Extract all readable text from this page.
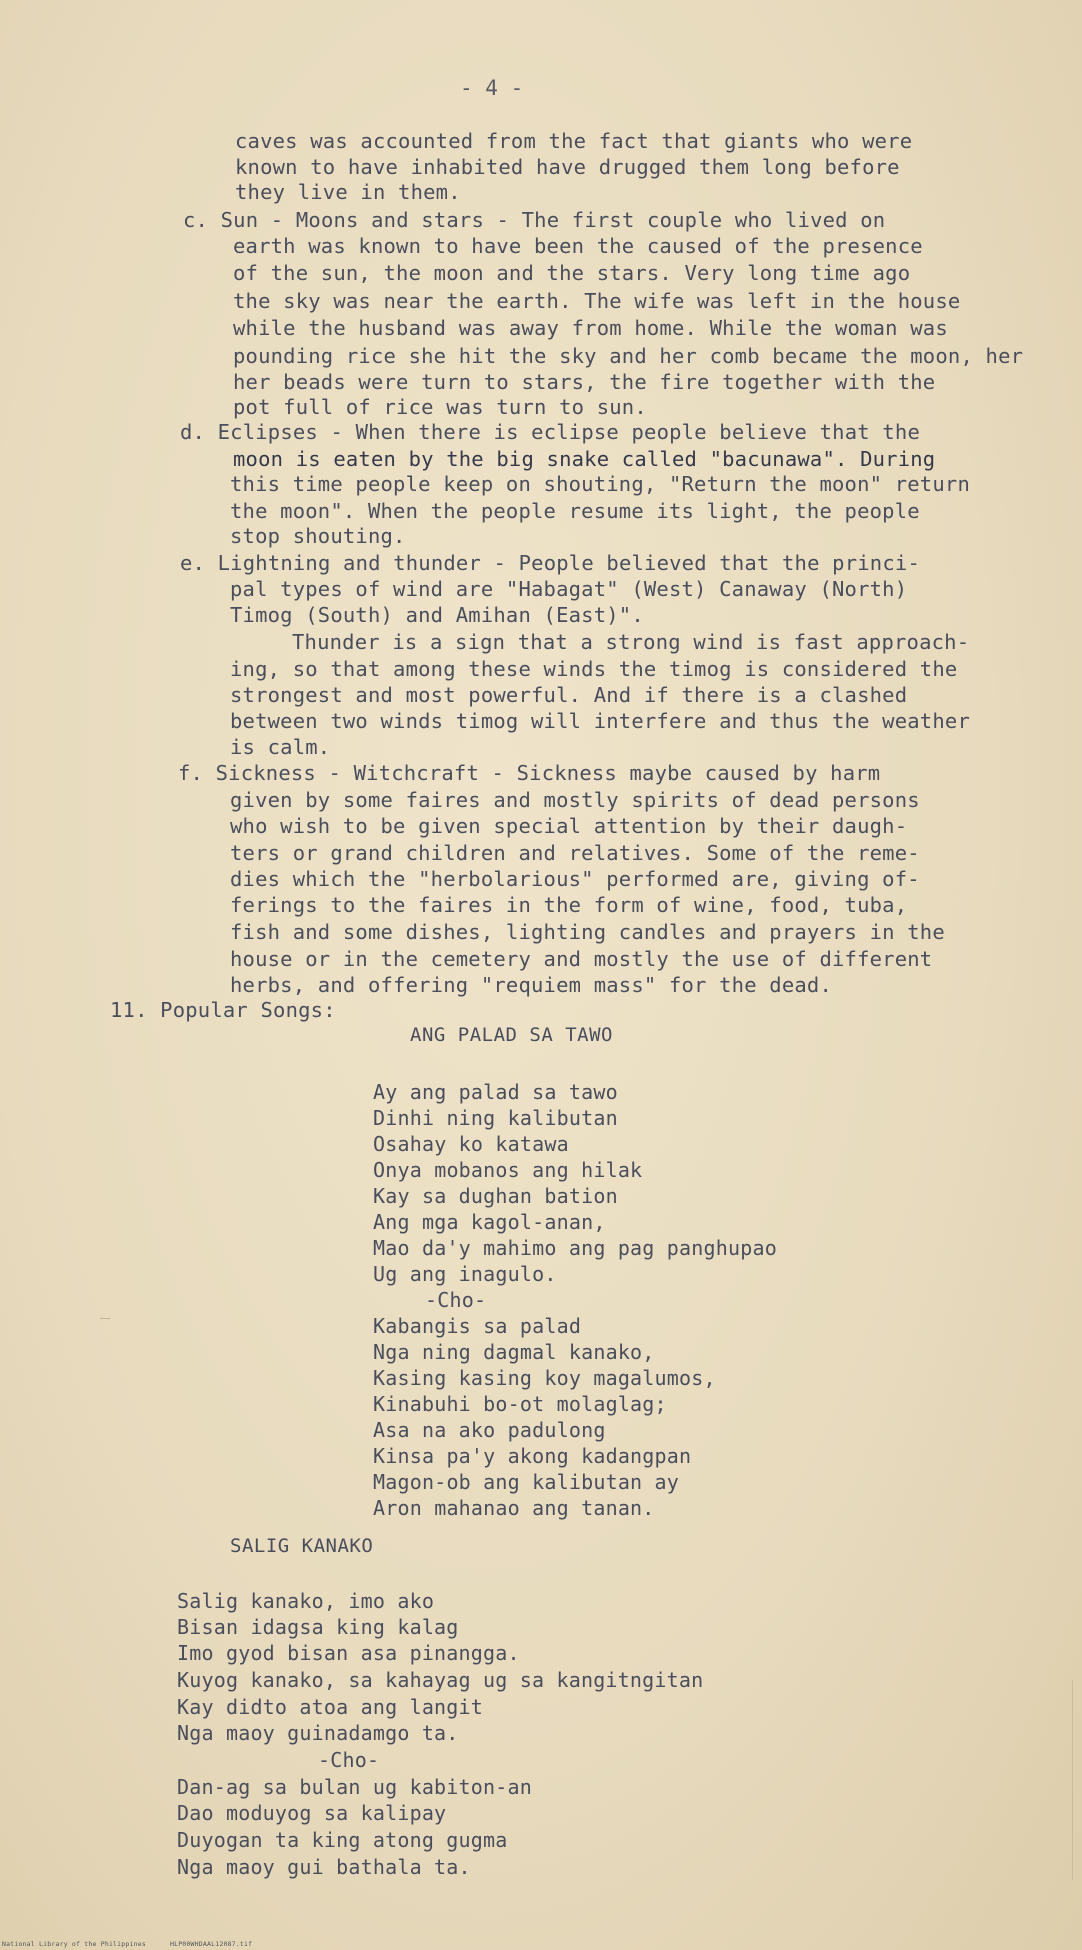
- 4 -
caves was accounted from the fact that giants who were
known to have inhabited have drugged them long before
they live in them.
c. Sun - Moons and stars - The first couple who lived on
earth was known to have been the caused of the presence
of the sun, the moon and the stars. Very long time ago
the sky was near the earth. The wife was left in the house
while the husband was away from home. While the woman was
pounding rice she hit the sky and her comb became the moon, her
her beads were turn to stars, the fire together with the
pot full of rice was turn to sun.
d. Eclipses - When there is eclipse people believe that the
moon is eaten by the big snake called "bacunawa". During
this time people keep on shouting, "Return the moon" return
the moon". When the people resume its light, the people
stop shouting.
e. Lightning and thunder - People believed that the princi-
pal types of wind are "Habagat" (West) Canaway (North)
Timog (South) and Amihan (East)".
Thunder is a sign that a strong wind is fast approach-
ing, so that among these winds the timog is considered the
strongest and most powerful. And if there is a clashed
between two winds timog will interfere and thus the weather
is calm.
f. Sickness - Witchcraft - Sickness maybe caused by harm
given by some faires and mostly spirits of dead persons
who wish to be given special attention by their daugh-
ters or grand children and relatives. Some of the reme-
dies which the "herbolarious" performed are, giving of-
ferings to the faires in the form of wine, food, tuba,
fish and some dishes, lighting candles and prayers in the
house or in the cemetery and mostly the use of different
herbs, and offering "requiem mass" for the dead.
11. Popular Songs:
ANG PALAD SA TAWO
Ay ang palad sa tawo
Dinhi ning kalibutan
Osahay ko katawa
Onya mobanos ang hilak
Kay sa dughan bation
Ang mga kagol-anan,
Mao da'y mahimo ang pag panghupao
Ug ang inagulo.
-Cho-
Kabangis sa palad
Nga ning dagmal kanako,
Kasing kasing koy magalumos,
Kinabuhi bo-ot molaglag;
Asa na ako padulong
Kinsa pa'y akong kadangpan
Magon-ob ang kalibutan ay
Aron mahanao ang tanan.
SALIG KANAKO
Salig kanako, imo ako
Bisan idagsa king kalag
Imo gyod bisan asa pinangga.
Kuyog kanako, sa kahayag ug sa kangitngitan
Kay didto atoa ang langit
Nga maoy guinadamgo ta.
-Cho-
Dan-ag sa bulan ug kabiton-an
Dao moduyog sa kalipay
Duyogan ta king atong gugma
Nga maoy gui bathala ta.
National Library of the Philippines	HLP00WHDAAL12087.tif
